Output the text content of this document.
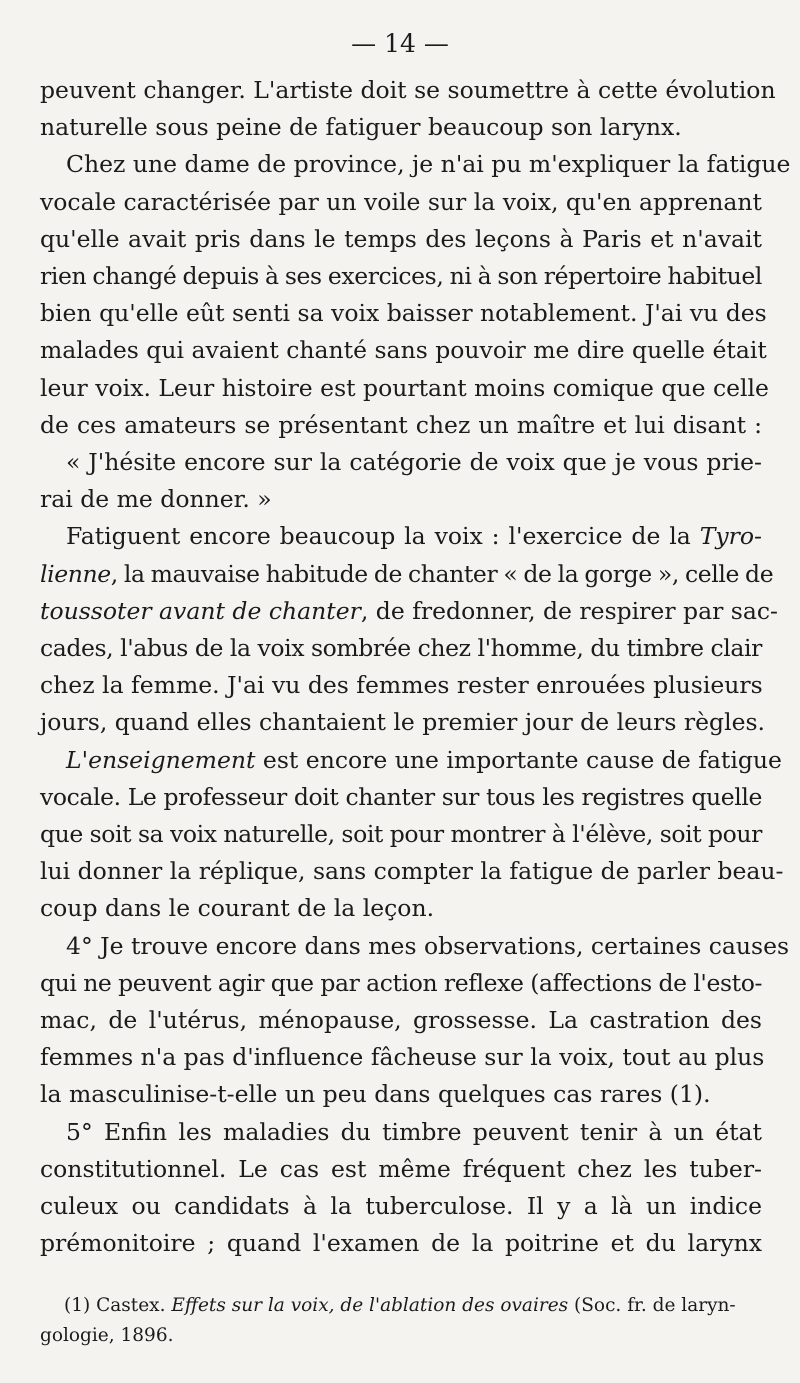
— 14 —

peuvent changer. L'artiste doit se soumettre à cette évolution

naturelle sous peine de fatiguer beaucoup son larynx.

Chez une dame de province, je n'ai pu m'expliquer la fatigue

vocale caractérisée par un voile sur la voix, qu'en apprenant

qu'elle avait pris dans le temps des leçons à Paris et n'avait

rien changé depuis à ses exercices, ni à son répertoire habituel

bien qu'elle eût senti sa voix baisser notablement. J'ai vu des

malades qui avaient chanté sans pouvoir me dire quelle était

leur voix. Leur histoire est pourtant moins comique que celle

de ces amateurs se présentant chez un maître et lui disant :

« J'hésite encore sur la catégorie de voix que je vous prie-

rai de me donner. »

Fatiguent encore beaucoup la voix : l'exercice de la Tyro-

lienne, la mauvaise habitude de chanter « de la gorge », celle de

toussoter avant de chanter, de fredonner, de respirer par sac-

cades, l'abus de la voix sombrée chez l'homme, du timbre clair

chez la femme. J'ai vu des femmes rester enrouées plusieurs

jours, quand elles chantaient le premier jour de leurs règles.

L'enseignement est encore une importante cause de fatigue

vocale. Le professeur doit chanter sur tous les registres quelle

que soit sa voix naturelle, soit pour montrer à l'élève, soit pour

lui donner la réplique, sans compter la fatigue de parler beau-

coup dans le courant de la leçon.

4° Je trouve encore dans mes observations, certaines causes

qui ne peuvent agir que par action reflexe (affections de l'esto-

mac, de l'utérus, ménopause, grossesse. La castration des

femmes n'a pas d'influence fâcheuse sur la voix, tout au plus

la masculinise-t-elle un peu dans quelques cas rares (1).

5° Enfin les maladies du timbre peuvent tenir à un état

constitutionnel. Le cas est même fréquent chez les tuber-

culeux ou candidats à la tuberculose. Il y a là un indice

prémonitoire ; quand l'examen de la poitrine et du larynx

(1) Castex. Effets sur la voix, de l'ablation des ovaires (Soc. fr. de laryn-

gologie, 1896.
